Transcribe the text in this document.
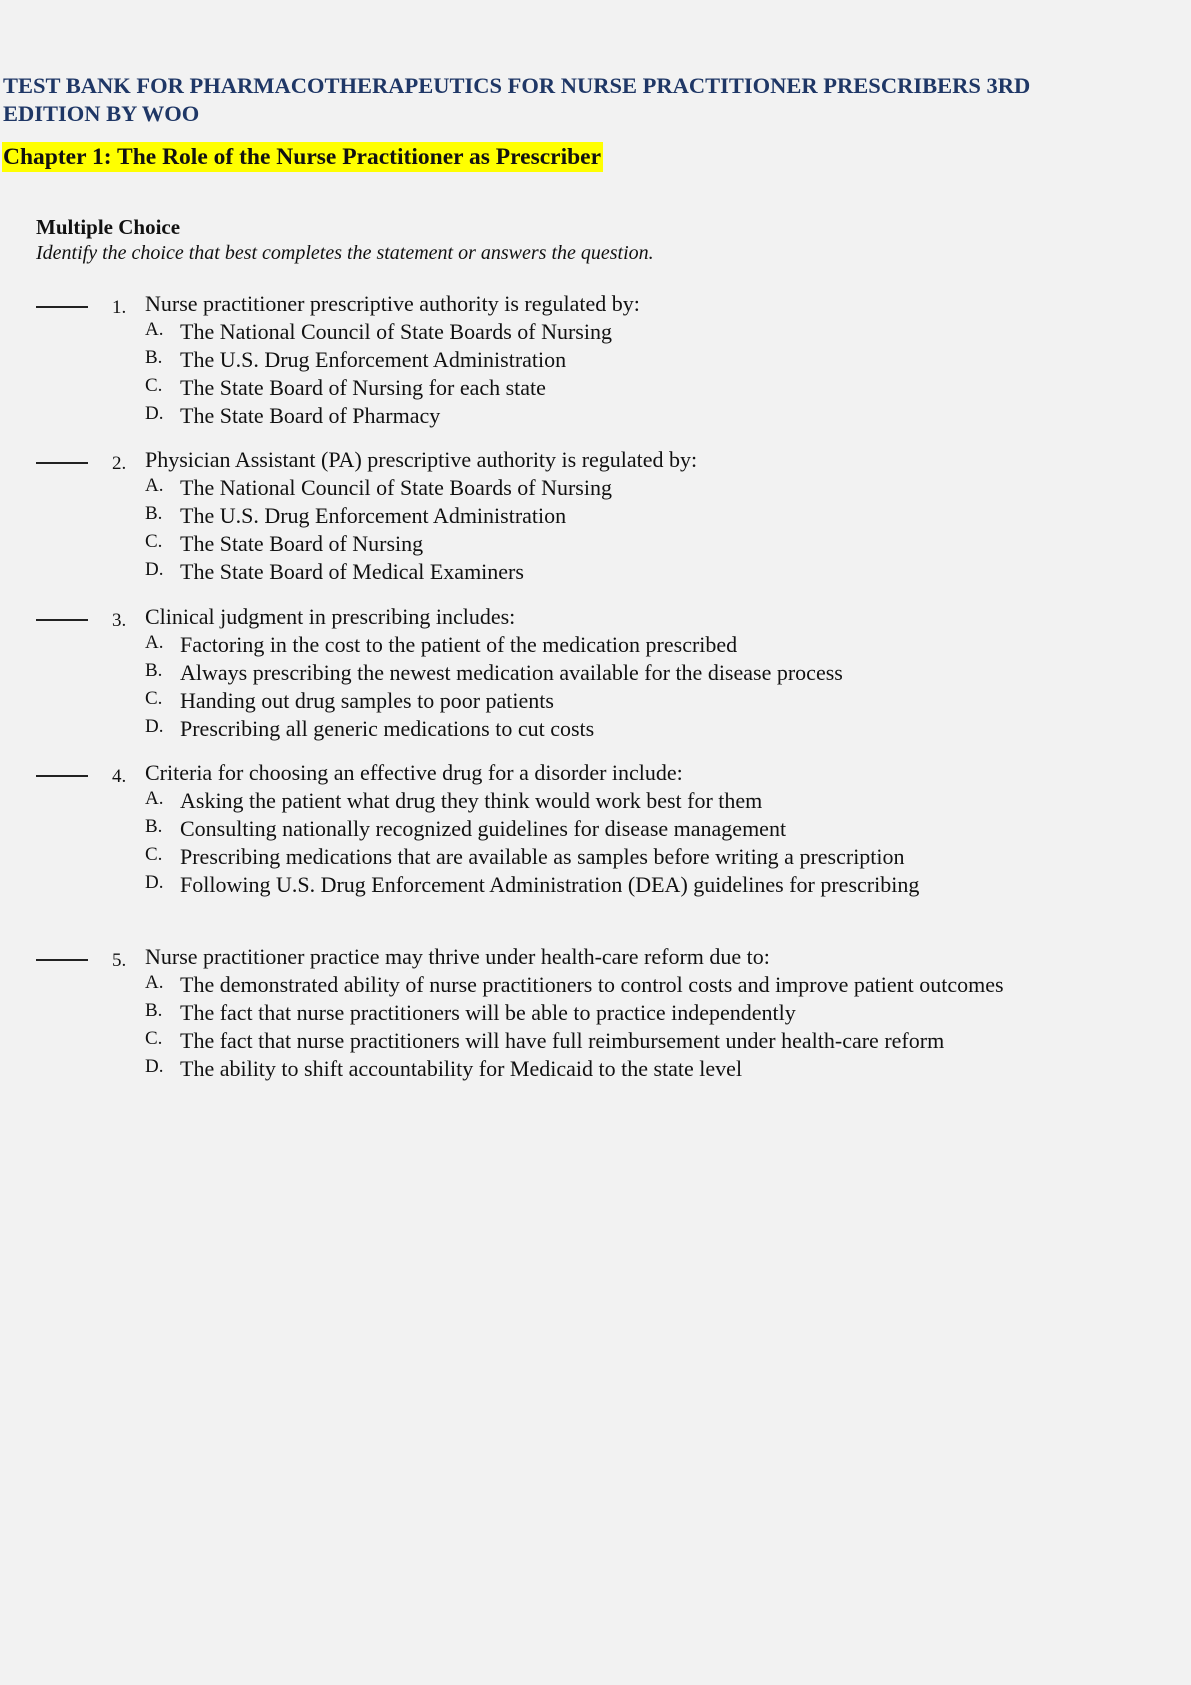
TEST BANK FOR PHARMACOTHERAPEUTICS FOR NURSE PRACTITIONER PRESCRIBERS 3RD EDITION BY WOO
Chapter 1: The Role of the Nurse Practitioner as Prescriber
Multiple Choice

Identify the choice that best completes the statement or answers the question.

1. Nurse practitioner prescriptive authority is regulated by:
A. The National Council of State Boards of Nursing
B. The U.S. Drug Enforcement Administration
C. The State Board of Nursing for each state
D. The State Board of Pharmacy
2. Physician Assistant (PA) prescriptive authority is regulated by:
A. The National Council of State Boards of Nursing
B. The U.S. Drug Enforcement Administration
C. The State Board of Nursing
D. The State Board of Medical Examiners
3. Clinical judgment in prescribing includes:
A. Factoring in the cost to the patient of the medication prescribed
B. Always prescribing the newest medication available for the disease process
C. Handing out drug samples to poor patients
D. Prescribing all generic medications to cut costs
4. Criteria for choosing an effective drug for a disorder include:
A. Asking the patient what drug they think would work best for them
B. Consulting nationally recognized guidelines for disease management
C. Prescribing medications that are available as samples before writing a prescription
D. Following U.S. Drug Enforcement Administration (DEA) guidelines for prescribing
5. Nurse practitioner practice may thrive under health-care reform due to:
A. The demonstrated ability of nurse practitioners to control costs and improve patient outcomes
B. The fact that nurse practitioners will be able to practice independently
C. The fact that nurse practitioners will have full reimbursement under health-care reform
D. The ability to shift accountability for Medicaid to the state level
